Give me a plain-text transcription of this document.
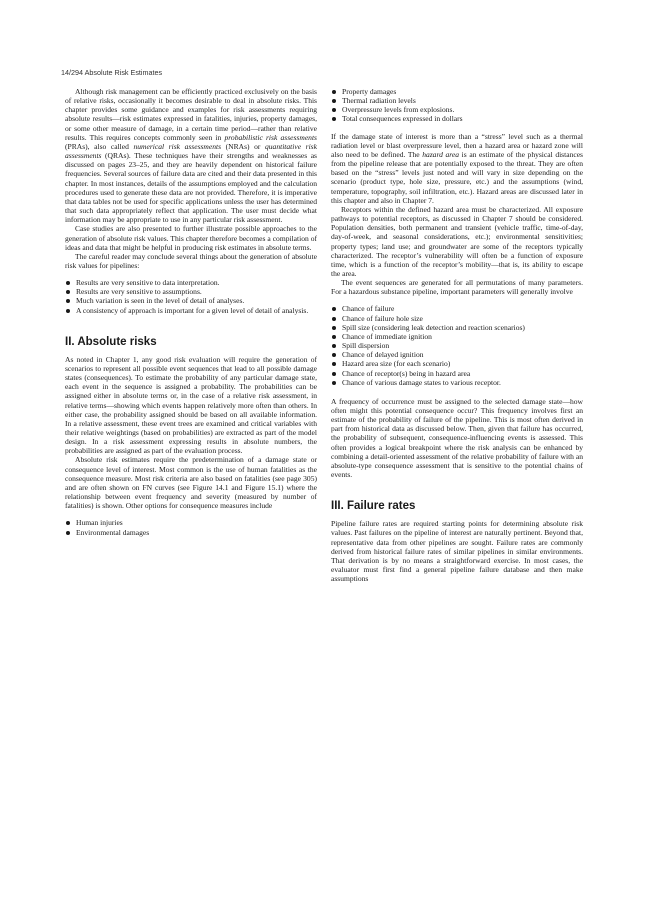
14/294 Absolute Risk Estimates

Although risk management can be efficiently practiced exclusively on the basis of relative risks, occasionally it becomes desirable to deal in absolute risks. This chapter provides some guidance and examples for risk assessments requiring absolute results—risk estimates expressed in fatalities, injuries, property damages, or some other measure of damage, in a certain time period—rather than relative results. This requires concepts commonly seen in probabilistic risk assessments (PRAs), also called numerical risk assessments (NRAs) or quantitative risk assessments (QRAs). These techniques have their strengths and weaknesses as discussed on pages 23–25, and they are heavily dependent on historical failure frequencies. Several sources of failure data are cited and their data presented in this chapter. In most instances, details of the assumptions employed and the calculation procedures used to generate these data are not provided. Therefore, it is imperative that data tables not be used for specific applications unless the user has determined that such data appropriately reflect that application. The user must decide what information may be appropriate to use in any particular risk assessment.

Case studies are also presented to further illustrate possible approaches to the generation of absolute risk values. This chapter therefore becomes a compilation of ideas and data that might be helpful in producing risk estimates in absolute terms.

The careful reader may conclude several things about the generation of absolute risk values for pipelines:

Results are very sensitive to data interpretation.
Results are very sensitive to assumptions.
Much variation is seen in the level of detail of analyses.
A consistency of approach is important for a given level of detail of analysis.
II. Absolute risks

As noted in Chapter 1, any good risk evaluation will require the generation of scenarios to represent all possible event sequences that lead to all possible damage states (consequences). To estimate the probability of any particular damage state, each event in the sequence is assigned a probability. The probabilities can be assigned either in absolute terms or, in the case of a relative risk assessment, in relative terms—showing which events happen relatively more often than others. In either case, the probability assigned should be based on all available information. In a relative assessment, these event trees are examined and critical variables with their relative weightings (based on probabilities) are extracted as part of the model design. In a risk assessment expressing results in absolute numbers, the probabilities are assigned as part of the evaluation process.

Absolute risk estimates require the predetermination of a damage state or consequence level of interest. Most common is the use of human fatalities as the consequence measure. Most risk criteria are also based on fatalities (see page 305) and are often shown on FN curves (see Figure 14.1 and Figure 15.1) where the relationship between event frequency and severity (measured by number of fatalities) is shown. Other options for consequence measures include

Human injuries
Environmental damages
Property damages
Thermal radiation levels
Overpressure levels from explosions.
Total consequences expressed in dollars

If the damage state of interest is more than a “stress” level such as a thermal radiation level or blast overpressure level, then a hazard area or hazard zone will also need to be defined. The hazard area is an estimate of the physical distances from the pipeline release that are potentially exposed to the threat. They are often based on the “stress” levels just noted and will vary in size depending on the scenario (product type, hole size, pressure, etc.) and the assumptions (wind, temperature, topography, soil infiltration, etc.). Hazard areas are discussed later in this chapter and also in Chapter 7.

Receptors within the defined hazard area must be characterized. All exposure pathways to potential receptors, as discussed in Chapter 7 should be considered. Population densities, both permanent and transient (vehicle traffic, time-of-day, day-of-week, and seasonal considerations, etc.); environmental sensitivities; property types; land use; and groundwater are some of the receptors typically characterized. The receptor’s vulnerability will often be a function of exposure time, which is a function of the receptor’s mobility—that is, its ability to escape the area.

The event sequences are generated for all permutations of many parameters. For a hazardous substance pipeline, important parameters will generally involve

Chance of failure
Chance of failure hole size
Spill size (considering leak detection and reaction scenarios)
Chance of immediate ignition
Spill dispersion
Chance of delayed ignition
Hazard area size (for each scenario)
Chance of receptor(s) being in hazard area
Chance of various damage states to various receptor.

A frequency of occurrence must be assigned to the selected damage state—how often might this potential consequence occur? This frequency involves first an estimate of the probability of failure of the pipeline. This is most often derived in part from historical data as discussed below. Then, given that failure has occurred, the probability of subsequent, consequence-influencing events is assessed. This often provides a logical breakpoint where the risk analysis can be enhanced by combining a detail-oriented assessment of the relative probability of failure with an absolute-type consequence assessment that is sensitive to the potential chains of events.

III. Failure rates

Pipeline failure rates are required starting points for determining absolute risk values. Past failures on the pipeline of interest are naturally pertinent. Beyond that, representative data from other pipelines are sought. Failure rates are commonly derived from historical failure rates of similar pipelines in similar environments. That derivation is by no means a straightforward exercise. In most cases, the evaluator must first find a general pipeline failure database and then make assumptions
